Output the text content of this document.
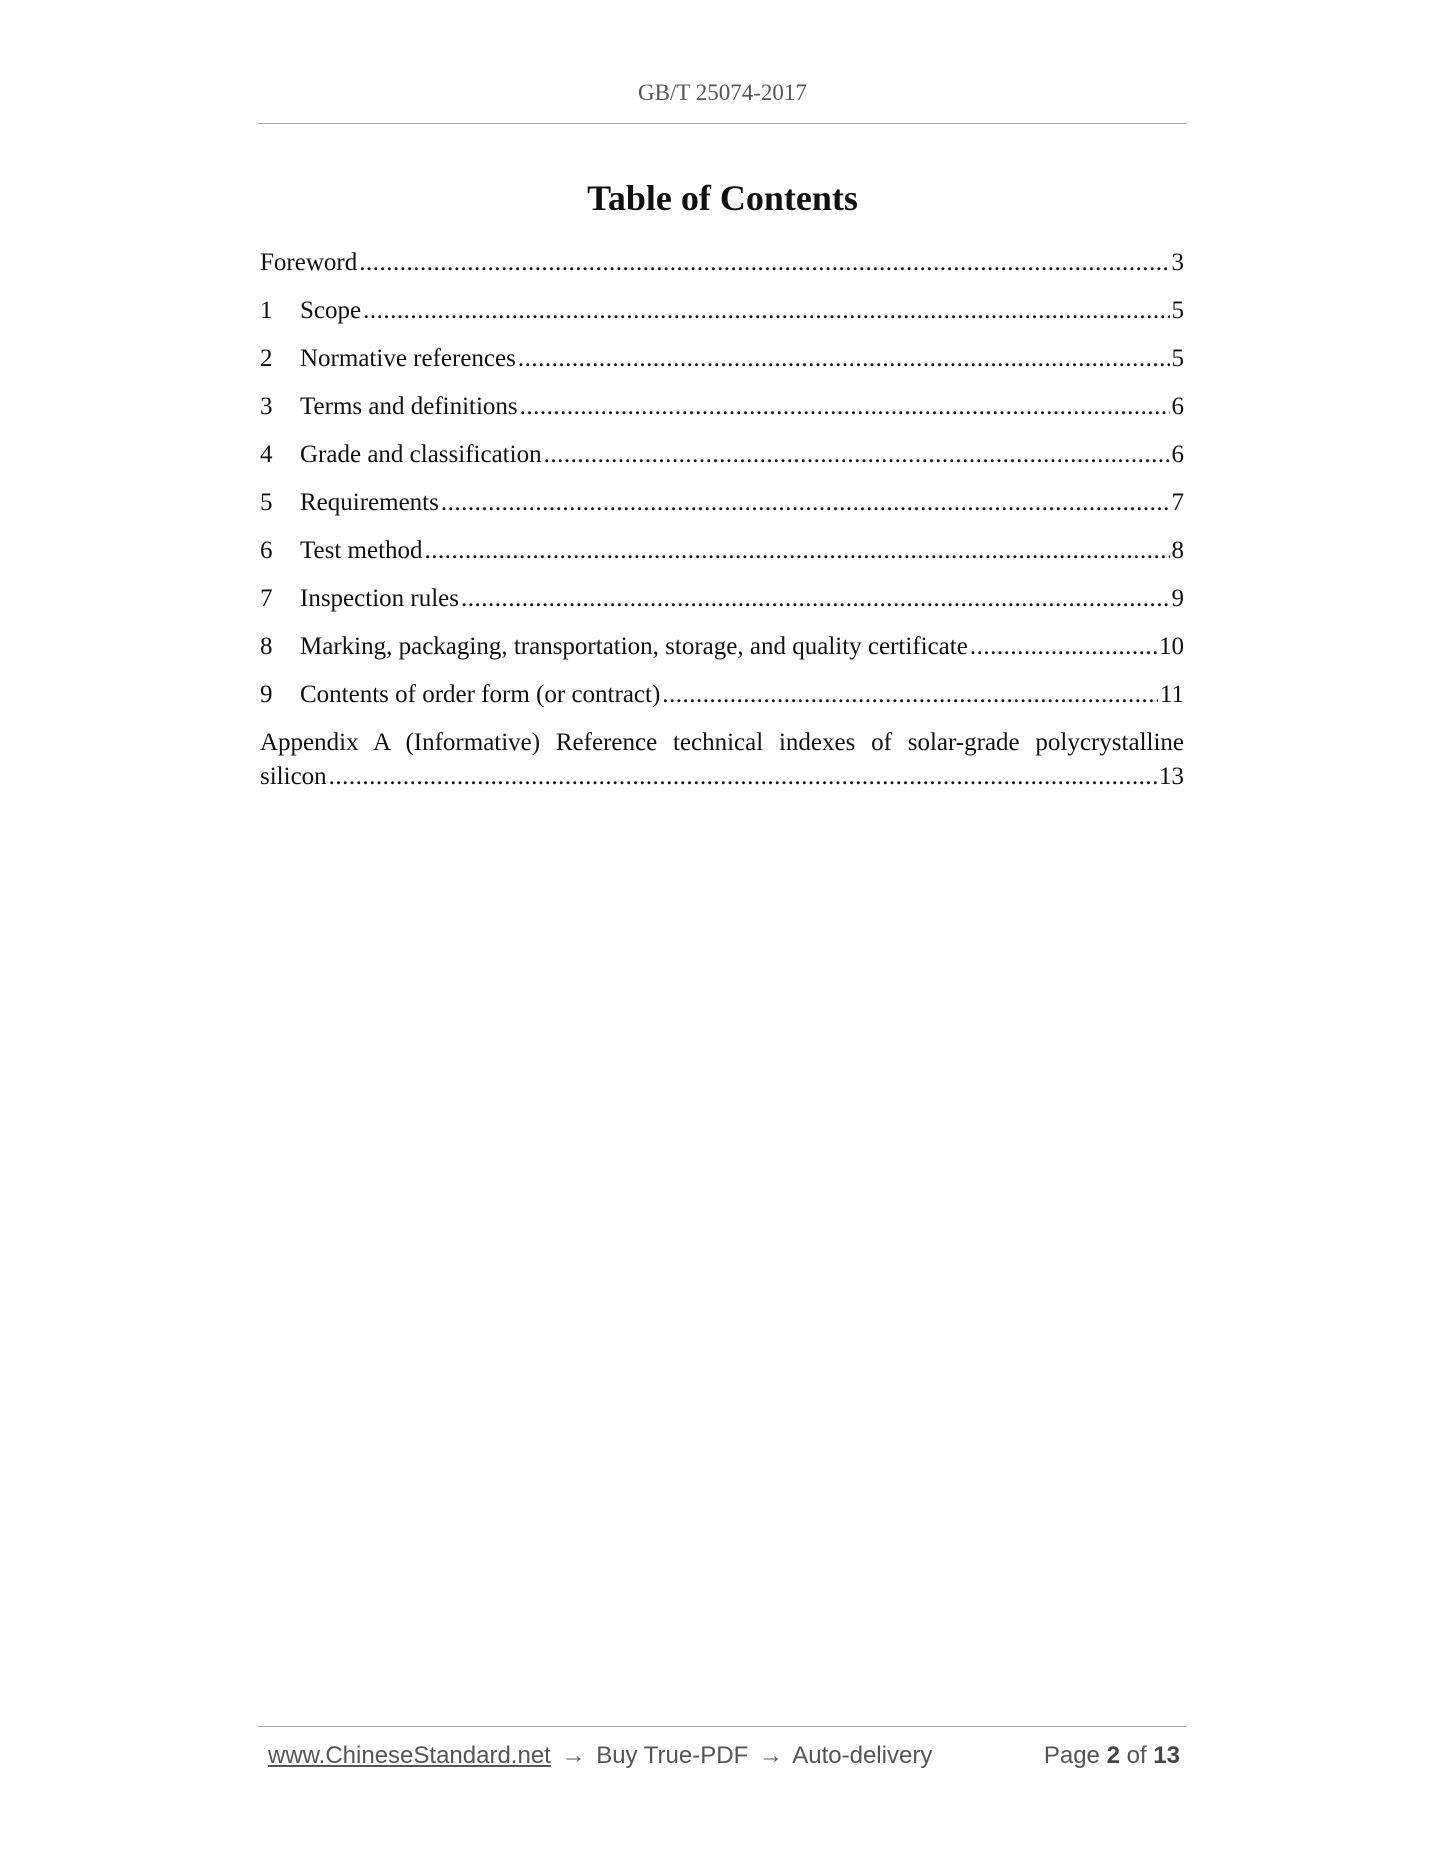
GB/T 25074-2017
Table of Contents
Foreword .....	3
1	Scope .....	5
2	Normative references .....	5
3	Terms and definitions .....	6
4	Grade and classification .....	6
5	Requirements .....	7
6	Test method .....	8
7	Inspection rules .....	9
8	Marking, packaging, transportation, storage, and quality certificate .....	10
9	Contents of order form (or contract) .....	11
Appendix A (Informative) Reference technical indexes of solar-grade polycrystalline
silicon .....	13
www.ChineseStandard.net → Buy True-PDF → Auto-delivery	Page 2 of 13
